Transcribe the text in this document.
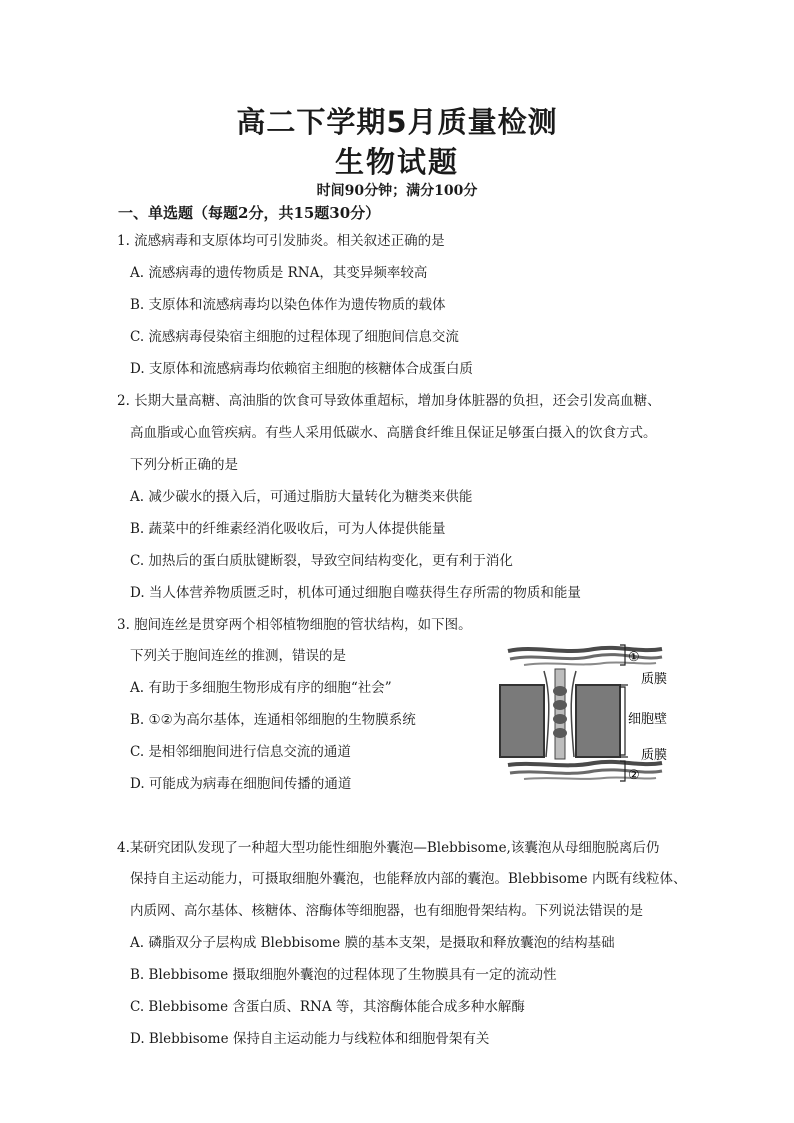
高二下学期5月质量检测
生物试题
时间90分钟；满分100分
一、单选题（每题2分，共15题30分）
1. 流感病毒和支原体均可引发肺炎。相关叙述正确的是
A. 流感病毒的遗传物质是 RNA，其变异频率较高
B. 支原体和流感病毒均以染色体作为遗传物质的载体
C. 流感病毒侵染宿主细胞的过程体现了细胞间信息交流
D. 支原体和流感病毒均依赖宿主细胞的核糖体合成蛋白质
2. 长期大量高糖、高油脂的饮食可导致体重超标，增加身体脏器的负担，还会引发高血糖、
高血脂或心血管疾病。有些人采用低碳水、高膳食纤维且保证足够蛋白摄入的饮食方式。
下列分析正确的是
A. 减少碳水的摄入后，可通过脂肪大量转化为糖类来供能
B. 蔬菜中的纤维素经消化吸收后，可为人体提供能量
C. 加热后的蛋白质肽键断裂，导致空间结构变化，更有利于消化
D. 当人体营养物质匮乏时，机体可通过细胞自噬获得生存所需的物质和能量
3. 胞间连丝是贯穿两个相邻植物细胞的管状结构，如下图。
下列关于胞间连丝的推测，错误的是
A. 有助于多细胞生物形成有序的细胞“社会”
B. ①②为高尔基体，连通相邻细胞的生物膜系统
C. 是相邻细胞间进行信息交流的通道
D. 可能成为病毒在细胞间传播的通道
①
质膜
细胞壁
质膜
②
4.某研究团队发现了一种超大型功能性细胞外囊泡—Blebbisome,该囊泡从母细胞脱离后仍
保持自主运动能力，可摄取细胞外囊泡，也能释放内部的囊泡。Blebbisome 内既有线粒体、
内质网、高尔基体、核糖体、溶酶体等细胞器，也有细胞骨架结构。下列说法错误的是
A. 磷脂双分子层构成 Blebbisome 膜的基本支架，是摄取和释放囊泡的结构基础
B. Blebbisome 摄取细胞外囊泡的过程体现了生物膜具有一定的流动性
C. Blebbisome 含蛋白质、RNA 等，其溶酶体能合成多种水解酶
D. Blebbisome 保持自主运动能力与线粒体和细胞骨架有关
